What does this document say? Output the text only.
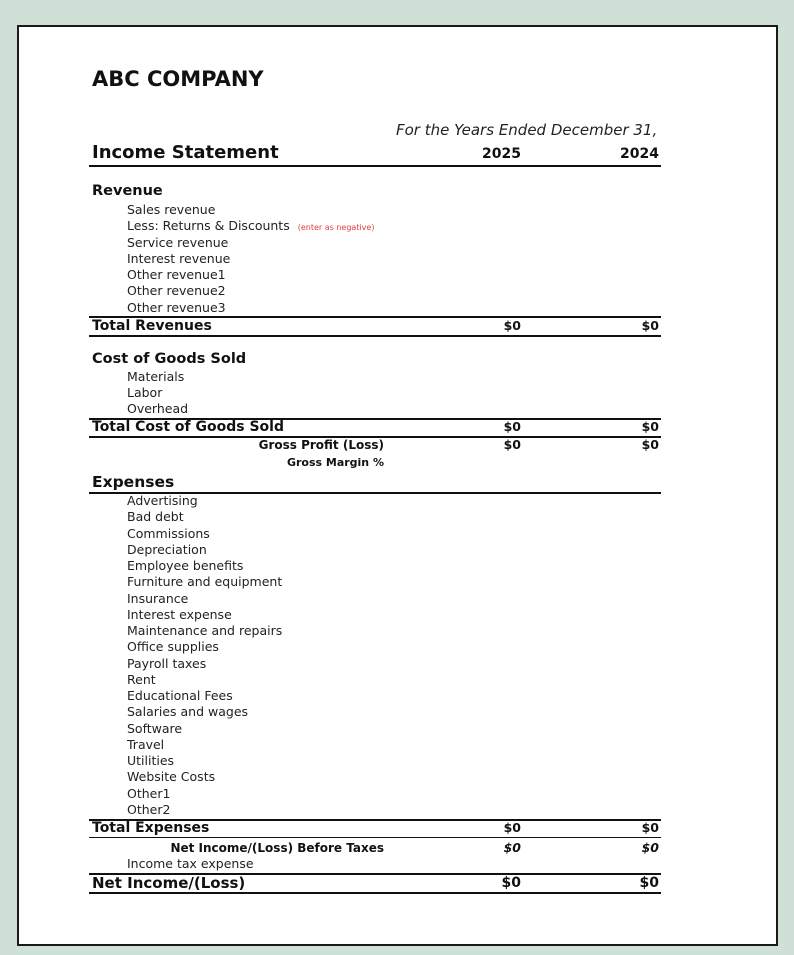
ABC COMPANY
For the Years Ended December 31,
Income Statement	2025	2024
Revenue
Sales revenue
Less: Returns & Discounts (enter as negative)
Service revenue
Interest revenue
Other revenue1
Other revenue2
Other revenue3
Total Revenues	$0	$0
Cost of Goods Sold
Materials
Labor
Overhead
Total Cost of Goods Sold	$0	$0
Gross Profit (Loss)	$0	$0
Gross Margin %
Expenses
Advertising
Bad debt
Commissions
Depreciation
Employee benefits
Furniture and equipment
Insurance
Interest expense
Maintenance and repairs
Office supplies
Payroll taxes
Rent
Educational Fees
Salaries and wages
Software
Travel
Utilities
Website Costs
Other1
Other2
Total Expenses	$0	$0
Net Income/(Loss) Before Taxes	$0	$0
Income tax expense
Net Income/(Loss)	$0	$0
